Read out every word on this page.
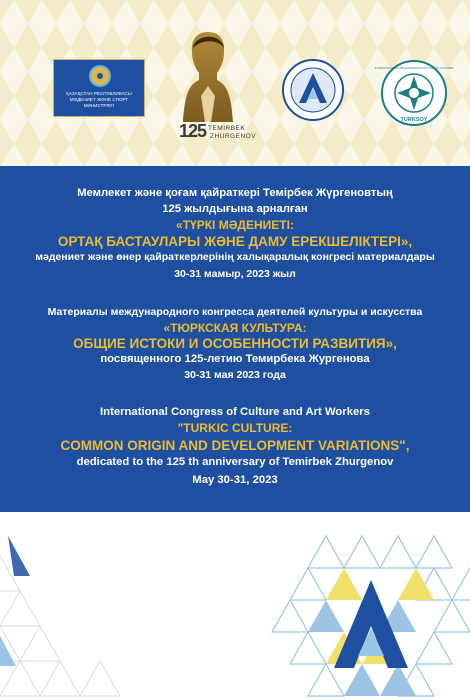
ҚАЗАҚСТАН РЕСПУБЛИКАСЫ
МӘДЕНИЕТ ЖӘНЕ СПОРТ
МИНИСТРЛІГІ
125 TEMIRBEK
ZHURGENOV
TURKSOY
INTERNATIONAL ORGANIZATION OF TURKIC CULTURE
Мемлекет және қоғам қайраткері Темірбек Жүргеновтың
125 жылдығына арналған
«ТҮРКІ МӘДЕНИЕТІ:
ОРТАҚ БАСТАУЛАРЫ ЖӘНЕ ДАМУ ЕРЕКШЕЛІКТЕРІ»,
мәдениет және өнер қайраткерлерінің халықаралық конгресі материалдары
30-31 мамыр, 2023 жыл
Материалы международного конгресса деятелей культуры и искусства
«ТЮРКСКАЯ КУЛЬТУРА:
ОБЩИЕ ИСТОКИ И ОСОБЕННОСТИ РАЗВИТИЯ»,
посвященного 125-летию Темирбека Жургенова
30-31 мая 2023 года
International Congress of Culture and Art Workers
"TURKIC CULTURE:
COMMON ORIGIN AND DEVELOPMENT VARIATIONS",
dedicated to the 125 th anniversary of Temirbek Zhurgenov
May 30-31, 2023
